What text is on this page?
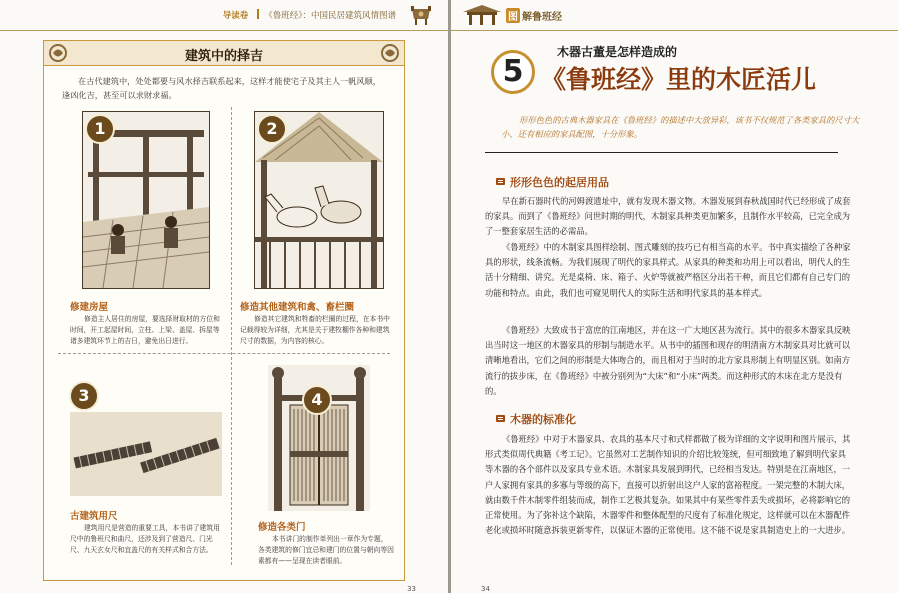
导读卷 《鲁班经》：中国民居建筑风情图谱
建筑中的择吉
在古代建筑中，处处都要与风水择吉联系起来，这样才能使宅子及其主人一帆风顺，逢凶化吉，甚至可以求财求福。
1
修建房屋
修造主人居住的房屋，要选择财取材的方位和时间，开工起屋时间，立柱、上梁、盖屋、拆屋等诸多建筑环节上的吉日，避免出日进行。
2
修造其他建筑和禽、畜栏圈
修造其它建筑和牲畜的栏圈的过程，在本书中记载得较为详细，尤其是关于建牧棚作各种和建筑尺寸的数据，为内容的核心。
3
古建筑用尺
建筑用尺是营造的重要工具，本书讲了建筑用尺中的鲁班尺和曲尺，还涉及到了营造尺、门光尺、九天玄女尺和宜盖尺的有关样式和合方法。
4
修造各类门
本书讲门的制作单列出一章作为专题，各类建筑的修门宜忌和建门的位置与朝向等因素都有——呈现在读者眼前。
33
图 解鲁班经
5
木器古董是怎样造成的
《鲁班经》里的木匠活儿
形形色色的古典木器家具在《鲁班经》的描述中大放异彩，该书不仅规范了各类家具的尺寸大小、还有相应的家具配图，十分形象。
形形色色的起居用品
早在新石器时代的河姆渡遗址中，就有发现木器文物。木器发展到春秋战国时代已经形成了成套的家具。而到了《鲁班经》问世时期的明代，木制家具种类更加繁多，且制作水平较高，已完全成为了一整套家居生活的必需品。
《鲁班经》中的木制家具图样绘制、图式雕刻的技巧已有相当高的水平。书中真实描绘了各种家具的形状，线条流畅。为我们展现了明代的家具样式。从家具的种类和功用上可以看出，明代人的生活十分精细、讲究。光是桌椅、床、箱子、火炉等就被严格区分出若干种，而且它们都有自己专门的功能和特点。由此，我们也可窥见明代人的实际生活和明代家具的基本样式。
《鲁班经》大致成书于富庶的江南地区，并在这一广大地区甚为流行。其中的很多木器家具反映出当时这一地区的木器家具的形制与制造水平。从书中的插图和现存的明清南方木制家具对比就可以清晰地看出，它们之间的形制是大体吻合的，而且相对于当时的北方家具形制上有明显区别。如南方流行的拔步床，在《鲁班经》中被分别列为“大床”和“小床”两类。而这种形式的木床在北方是没有的。
木器的标准化
《鲁班经》中对于木器家具、农具的基本尺寸和式样都做了极为详细的文字说明和图片展示，其形式类似周代典籍《考工记》。它虽然对工艺制作知识的介绍比较笼统，但可细致地了解到明代家具等木器的各个部件以及家具专业术语。木制家具发展到明代，已经相当发达。特别是在江南地区，一户人家拥有家具的多寡与等级的高下，直接可以折射出这户人家的富裕程度。一架完整的木制大床，就由数千件木制零件组装而成，制作工艺极其复杂。如果其中有某些零件丢失或损坏，必将影响它的正常使用。为了弥补这个缺陷，木器零件和整体配型的尺度有了标准化规定，这样就可以在木器配件老化或损坏时随意拆装更新零件，以保证木器的正常使用。这不能不说是家具制造史上的一大进步。
34
